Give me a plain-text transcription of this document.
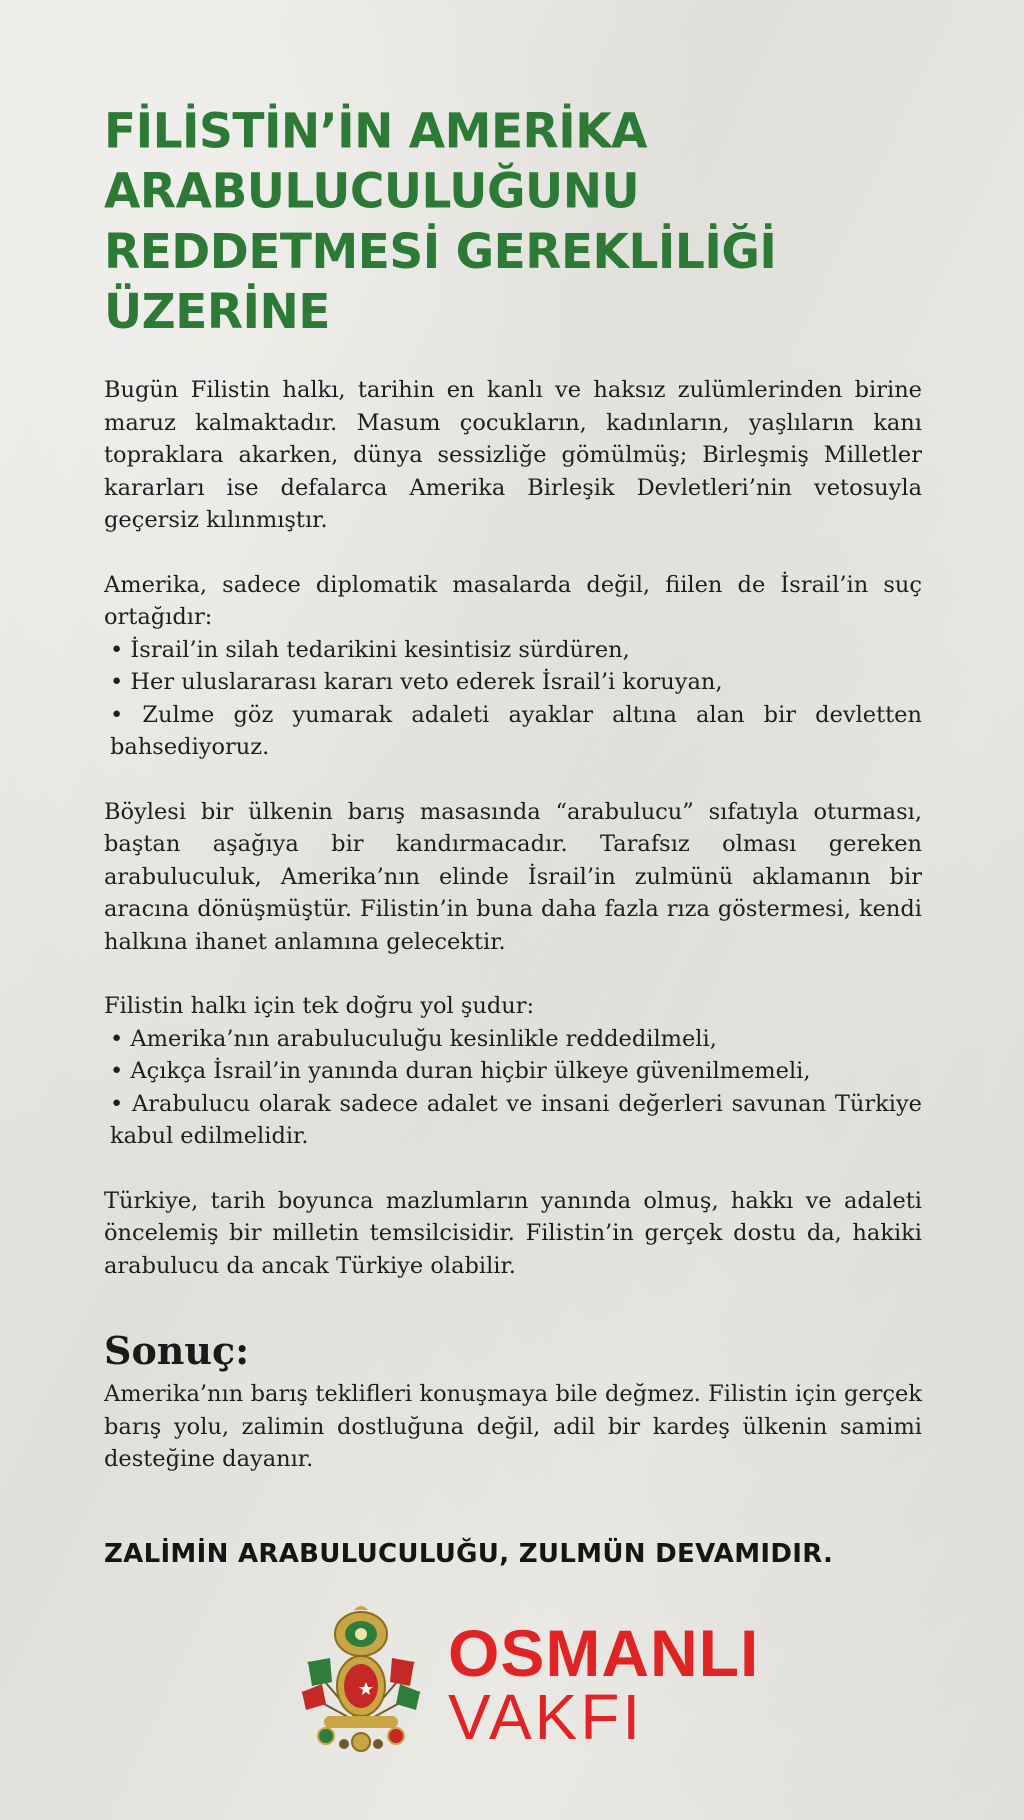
FİLİSTİN’İN AMERİKA
ARABULUCULUĞUNU
REDDETMESİ GEREKLİLİĞİ ÜZERİNE

Bugün Filistin halkı, tarihin en kanlı ve haksız zulümlerinden birine maruz kalmaktadır. Masum çocukların, kadınların, yaşlıların kanı topraklara akarken, dünya sessizliğe gömülmüş; Birleşmiş Milletler kararları ise defalarca Amerika Birleşik Devletleri’nin vetosuyla geçersiz kılınmıştır.

Amerika, sadece diplomatik masalarda değil, fiilen de İsrail’in suç ortağıdır:

• İsrail’in silah tedarikini kesintisiz sürdüren,

• Her uluslararası kararı veto ederek İsrail’i koruyan,

• Zulme göz yumarak adaleti ayaklar altına alan bir devletten bahsediyoruz.

Böylesi bir ülkenin barış masasında “arabulucu” sıfatıyla oturması, baştan aşağıya bir kandırmacadır. Tarafsız olması gereken arabuluculuk, Amerika’nın elinde İsrail’in zulmünü aklamanın bir aracına dönüşmüştür. Filistin’in buna daha fazla rıza göstermesi, kendi halkına ihanet anlamına gelecektir.

Filistin halkı için tek doğru yol şudur:

• Amerika’nın arabuluculuğu kesinlikle reddedilmeli,

• Açıkça İsrail’in yanında duran hiçbir ülkeye güvenilmemeli,

• Arabulucu olarak sadece adalet ve insani değerleri savunan Türkiye kabul edilmelidir.

Türkiye, tarih boyunca mazlumların yanında olmuş, hakkı ve adaleti öncelemiş bir milletin temsilcisidir. Filistin’in gerçek dostu da, hakiki arabulucu da ancak Türkiye olabilir.

Sonuç:

Amerika’nın barış teklifleri konuşmaya bile değmez. Filistin için gerçek barış yolu, zalimin dostluğuna değil, adil bir kardeş ülkenin samimi desteğine dayanır.

ZALİMİN ARABULUCULUĞU, ZULMÜN DEVAMIDIR.

OSMANLI
VAKFI
